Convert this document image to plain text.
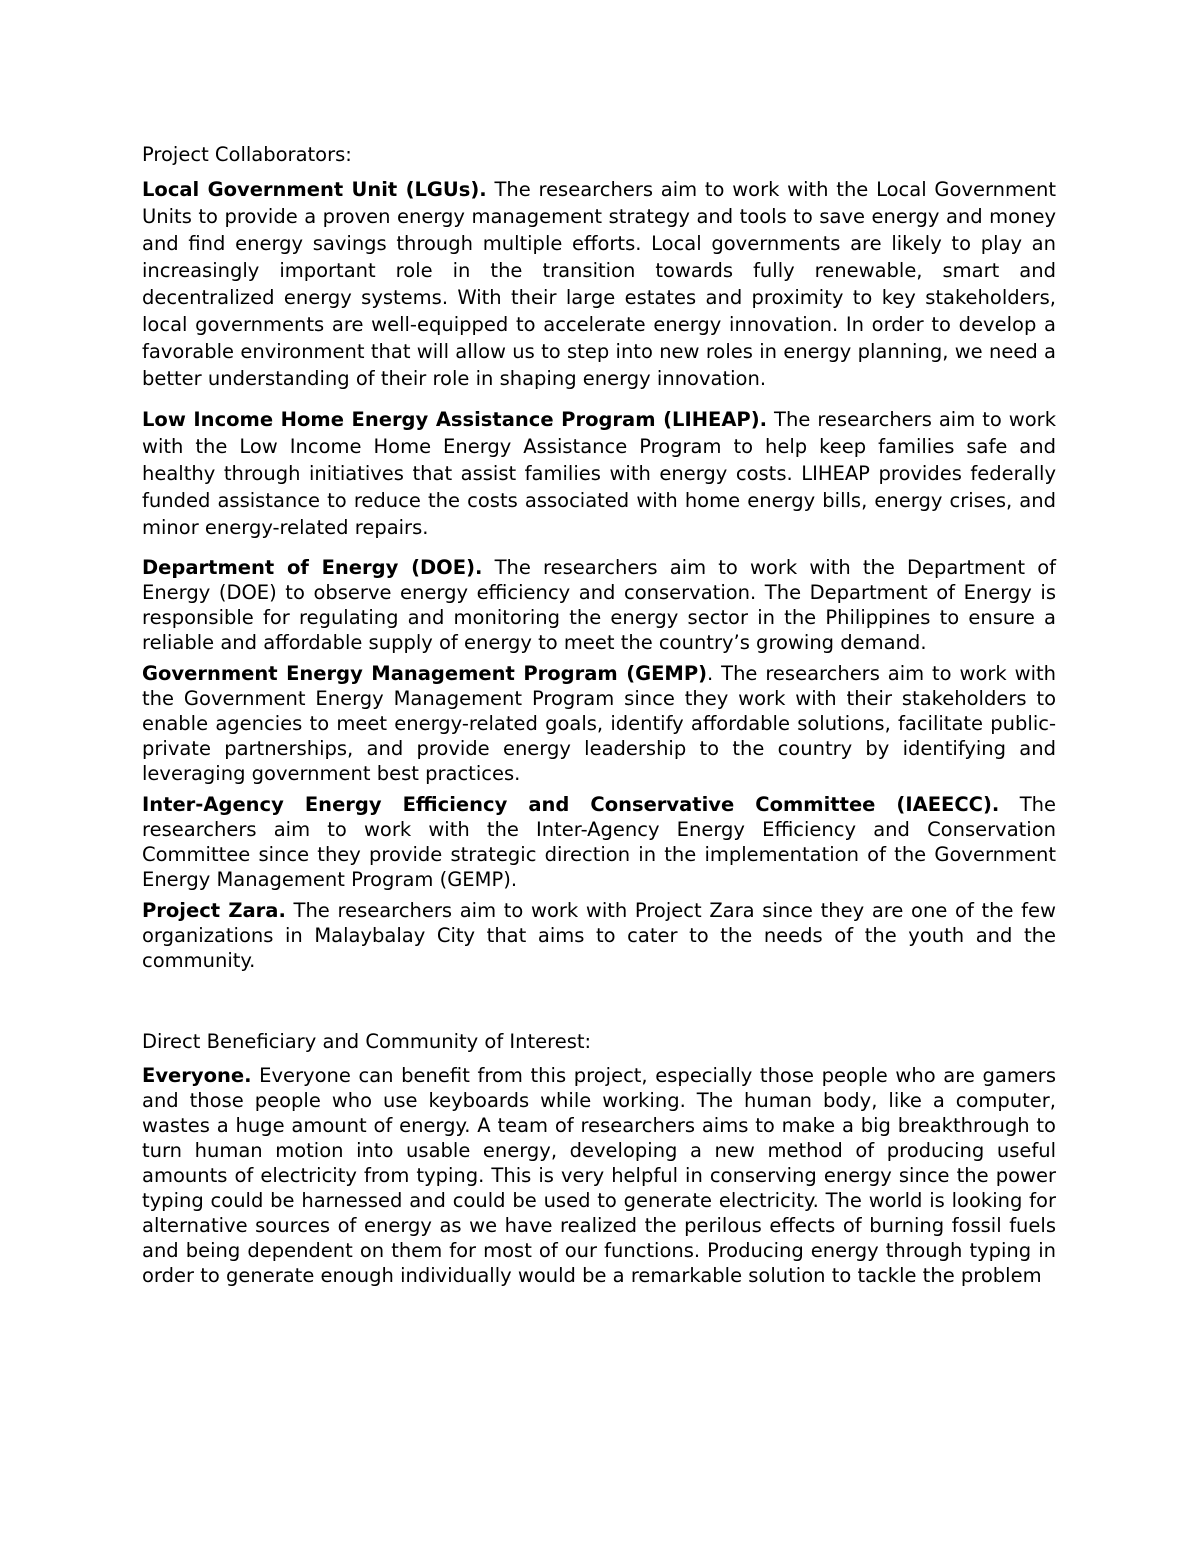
Project Collaborators:

Local Government Unit (LGUs). The researchers aim to work with the Local Government Units to provide a proven energy management strategy and tools to save energy and money and find energy savings through multiple efforts. Local governments are likely to play an increasingly important role in the transition towards fully renewable, smart and decentralized energy systems. With their large estates and proximity to key stakeholders, local governments are well-equipped to accelerate energy innovation. In order to develop a favorable environment that will allow us to step into new roles in energy planning, we need a better understanding of their role in shaping energy innovation.

Low Income Home Energy Assistance Program (LIHEAP). The researchers aim to work with the Low Income Home Energy Assistance Program to help keep families safe and healthy through initiatives that assist families with energy costs. LIHEAP provides federally funded assistance to reduce the costs associated with home energy bills, energy crises, and minor energy-related repairs.

Department of Energy (DOE). The researchers aim to work with the Department of Energy (DOE) to observe energy efficiency and conservation. The Department of Energy is responsible for regulating and monitoring the energy sector in the Philippines to ensure a reliable and affordable supply of energy to meet the country’s growing demand.

Government Energy Management Program (GEMP). The researchers aim to work with the Government Energy Management Program since they work with their stakeholders to enable agencies to meet energy-related goals, identify affordable solutions, facilitate public-private partnerships, and provide energy leadership to the country by identifying and leveraging government best practices.

Inter-Agency Energy Efficiency and Conservative Committee (IAEECC). The researchers aim to work with the Inter-Agency Energy Efficiency and Conservation Committee since they provide strategic direction in the implementation of the Government Energy Management Program (GEMP).

Project Zara. The researchers aim to work with Project Zara since they are one of the few organizations in Malaybalay City that aims to cater to the needs of the youth and the community.

Direct Beneficiary and Community of Interest:

Everyone. Everyone can benefit from this project, especially those people who are gamers and those people who use keyboards while working. The human body, like a computer, wastes a huge amount of energy. A team of researchers aims to make a big breakthrough to turn human motion into usable energy, developing a new method of producing useful amounts of electricity from typing. This is very helpful in conserving energy since the power typing could be harnessed and could be used to generate electricity. The world is looking for alternative sources of energy as we have realized the perilous effects of burning fossil fuels and being dependent on them for most of our functions. Producing energy through typing in order to generate enough individually would be a remarkable solution to tackle the problem
